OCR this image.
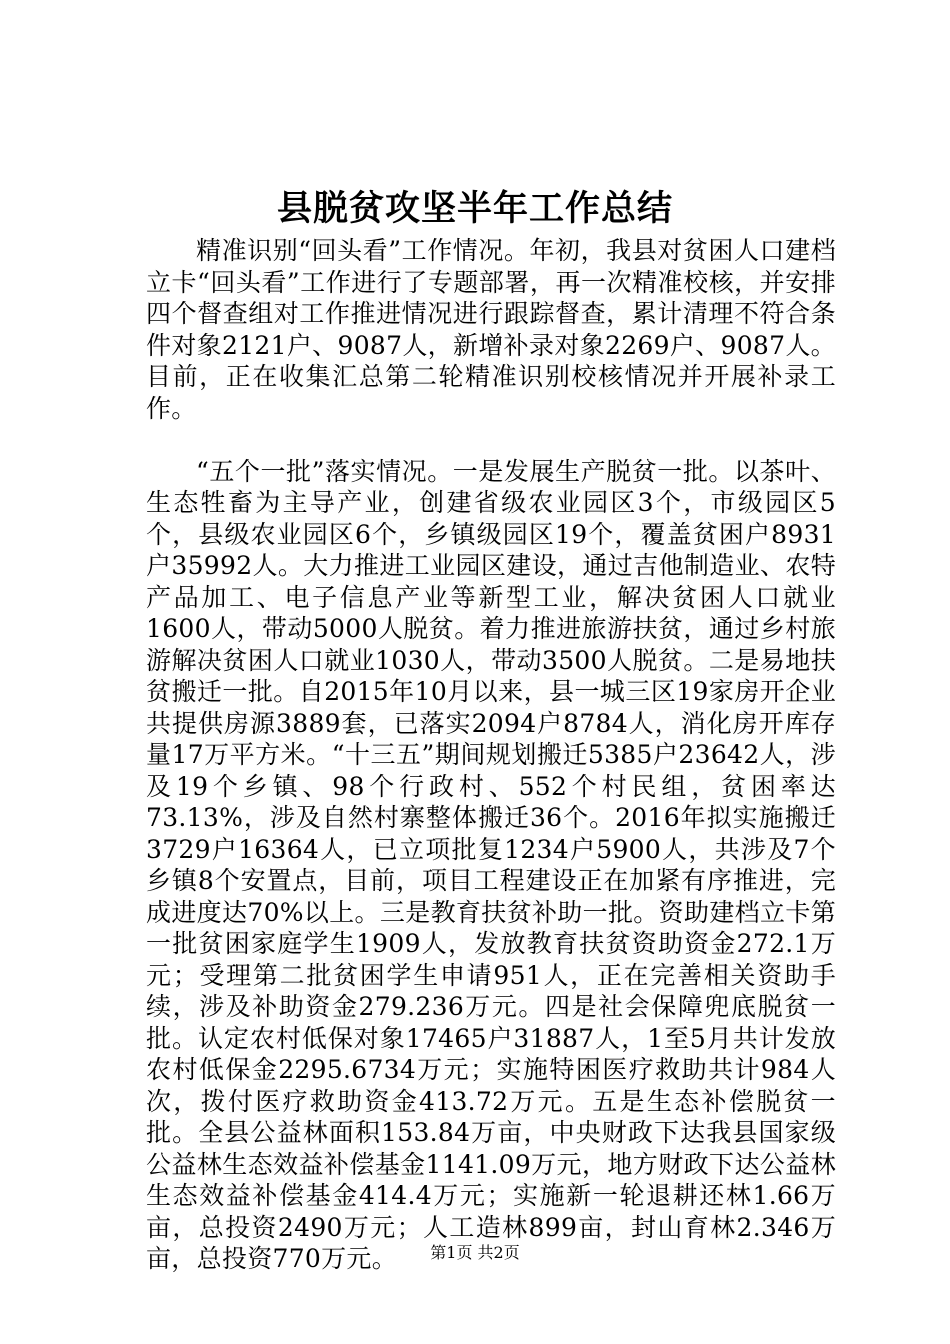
县脱贫攻坚半年工作总结

精准识别“回头看”工作情况。年初，我县对贫困人口建档立卡“回头看”工作进行了专题部署，再一次精准校核，并安排四个督查组对工作推进情况进行跟踪督查，累计清理不符合条件对象2121户、9087人，新增补录对象2269户、9087人。目前，正在收集汇总第二轮精准识别校核情况并开展补录工作。

“五个一批”落实情况。一是发展生产脱贫一批。以茶叶、生态牲畜为主导产业，创建省级农业园区3个，市级园区5个，县级农业园区6个，乡镇级园区19个，覆盖贫困户8931户35992人。大力推进工业园区建设，通过吉他制造业、农特产品加工、电子信息产业等新型工业，解决贫困人口就业1600人，带动5000人脱贫。着力推进旅游扶贫，通过乡村旅游解决贫困人口就业1030人，带动3500人脱贫。二是易地扶贫搬迁一批。自2015年10月以来，县一城三区19家房开企业共提供房源3889套，已落实2094户8784人，消化房开库存量17万平方米。“十三五”期间规划搬迁5385户23642人，涉及19个乡镇、98个行政村、552个村民组，贫困率达73.13%，涉及自然村寨整体搬迁36个。2016年拟实施搬迁3729户16364人，已立项批复1234户5900人，共涉及7个乡镇8个安置点，目前，项目工程建设正在加紧有序推进，完成进度达70%以上。三是教育扶贫补助一批。资助建档立卡第一批贫困家庭学生1909人，发放教育扶贫资助资金272.1万元；受理第二批贫困学生申请951人，正在完善相关资助手续，涉及补助资金279.236万元。四是社会保障兜底脱贫一批。认定农村低保对象17465户31887人，1至5月共计发放农村低保金2295.6734万元；实施特困医疗救助共计984人次，拨付医疗救助资金413.72万元。五是生态补偿脱贫一批。全县公益林面积153.84万亩，中央财政下达我县国家级公益林生态效益补偿基金1141.09万元，地方财政下达公益林生态效益补偿基金414.4万元；实施新一轮退耕还林1.66万亩，总投资2490万元；人工造林899亩，封山育林2.346万亩，总投资770万元。	第1页 共2页
